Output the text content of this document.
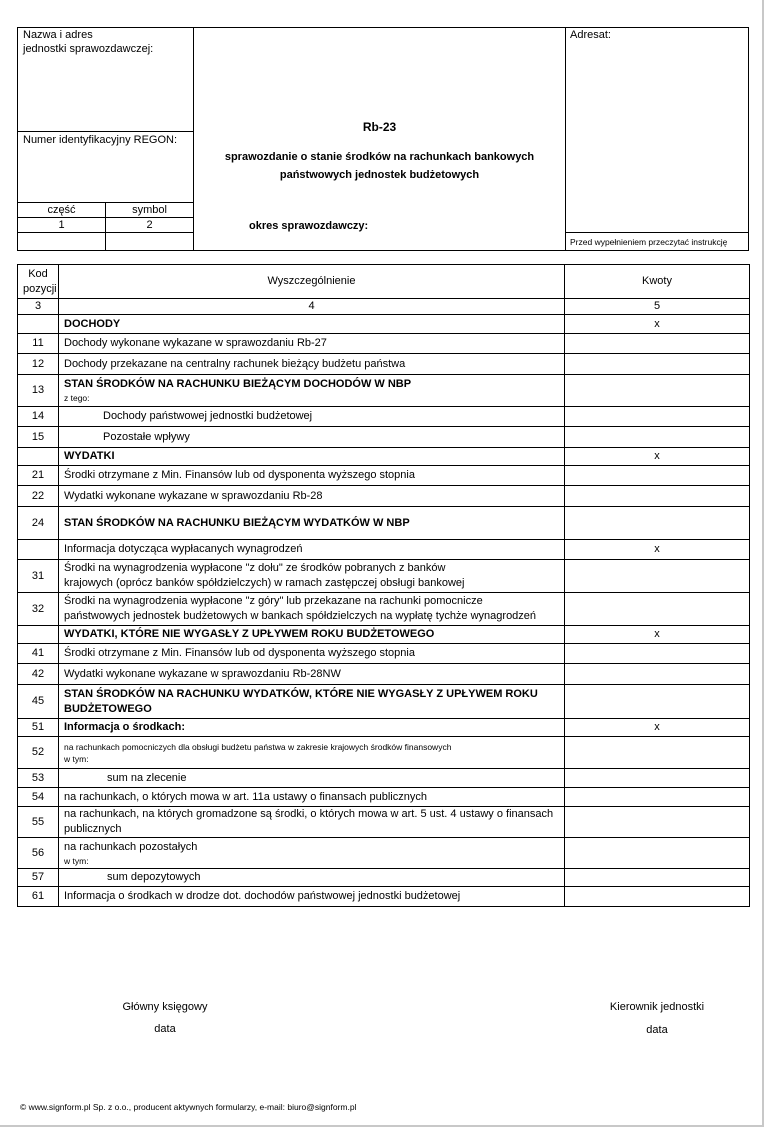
Nazwa i adres
jednostki sprawozdawczej:
Numer identyfikacyjny REGON:
część	symbol
1	2
Rb-23
sprawozdanie o stanie środków na rachunkach bankowych
państwowych jednostek budżetowych
okres sprawozdawczy:
Adresat:
Przed wypełnieniem przeczytać instrukcję
Kod
pozycji	Wyszczególnienie	Kwoty
3	4	5
	DOCHODY	x
11	Dochody wykonane wykazane w sprawozdaniu Rb-27	
12	Dochody przekazane na centralny rachunek bieżący budżetu państwa	
13	STAN ŚRODKÓW NA RACHUNKU BIEŻĄCYM DOCHODÓW W NBP
z tego:	

14	Dochody państwowej jednostki budżetowej	
15	Pozostałe wpływy	
	WYDATKI	x
21	Środki otrzymane z Min. Finansów lub od dysponenta wyższego stopnia	
22	Wydatki wykonane wykazane w sprawozdaniu Rb-28	
24	STAN ŚRODKÓW NA RACHUNKU BIEŻĄCYM WYDATKÓW W NBP	
	Informacja dotycząca wypłacanych wynagrodzeń	x
31	Środki na wynagrodzenia wypłacone "z dołu" ze środków pobranych z banków
krajowych (oprócz banków spółdzielczych) w ramach zastępczej obsługi bankowej	
32	Środki na wynagrodzenia wypłacone "z góry" lub przekazane na rachunki pomocnicze
państwowych jednostek budżetowych w bankach spółdzielczych na wypłatę tychże wynagrodzeń	
	WYDATKI, KTÓRE NIE WYGASŁY Z UPŁYWEM ROKU BUDŻETOWEGO	x
41	Środki otrzymane z Min. Finansów lub od dysponenta wyższego stopnia	
42	Wydatki wykonane wykazane w sprawozdaniu Rb-28NW	
45	STAN ŚRODKÓW NA RACHUNKU WYDATKÓW, KTÓRE NIE WYGASŁY Z UPŁYWEM ROKU
BUDŻETOWEGO	
51	Informacja o środkach:	x
52	na rachunkach pomocniczych dla obsługi budżetu państwa w zakresie krajowych środków finansowych
w tym:	

53	sum na zlecenie	
54	na rachunkach, o których mowa w art. 11a ustawy o finansach publicznych	
55	na rachunkach, na których gromadzone są środki, o których mowa w art. 5 ust. 4 ustawy o finansach publicznych	
56	na rachunkach pozostałych
w tym:	

57	sum depozytowych	
61	Informacja o środkach w drodze dot. dochodów państwowej jednostki budżetowej	
Główny księgowy
data
Kierownik jednostki
data
© www.signform.pl Sp. z o.o., producent aktywnych formularzy, e-mail: biuro@signform.pl
